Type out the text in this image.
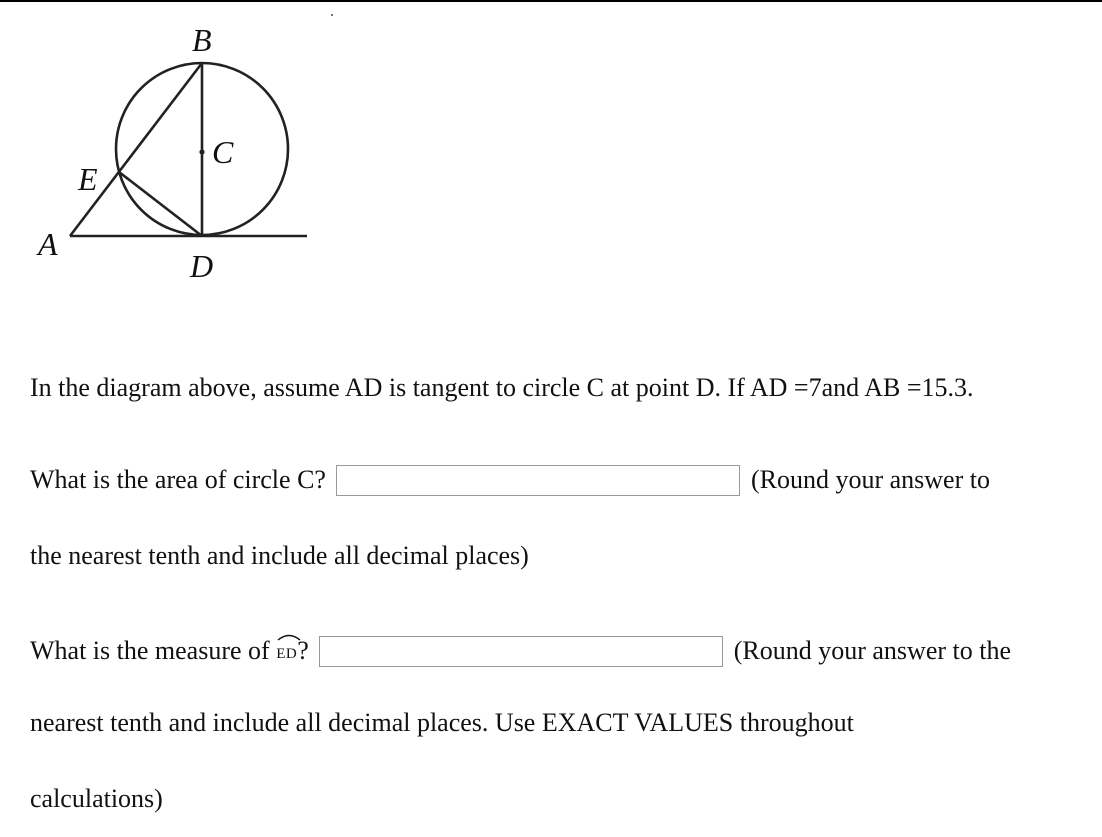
B
C
E
A
D
In the diagram above, assume AD is tangent to circle C at point D. If AD =7and AB =15.3.
What is the area of circle C?	(Round your answer to
the nearest tenth and include all decimal places)
What is the measure of ED?	(Round your answer to the
nearest tenth and include all decimal places. Use EXACT VALUES throughout
calculations)
